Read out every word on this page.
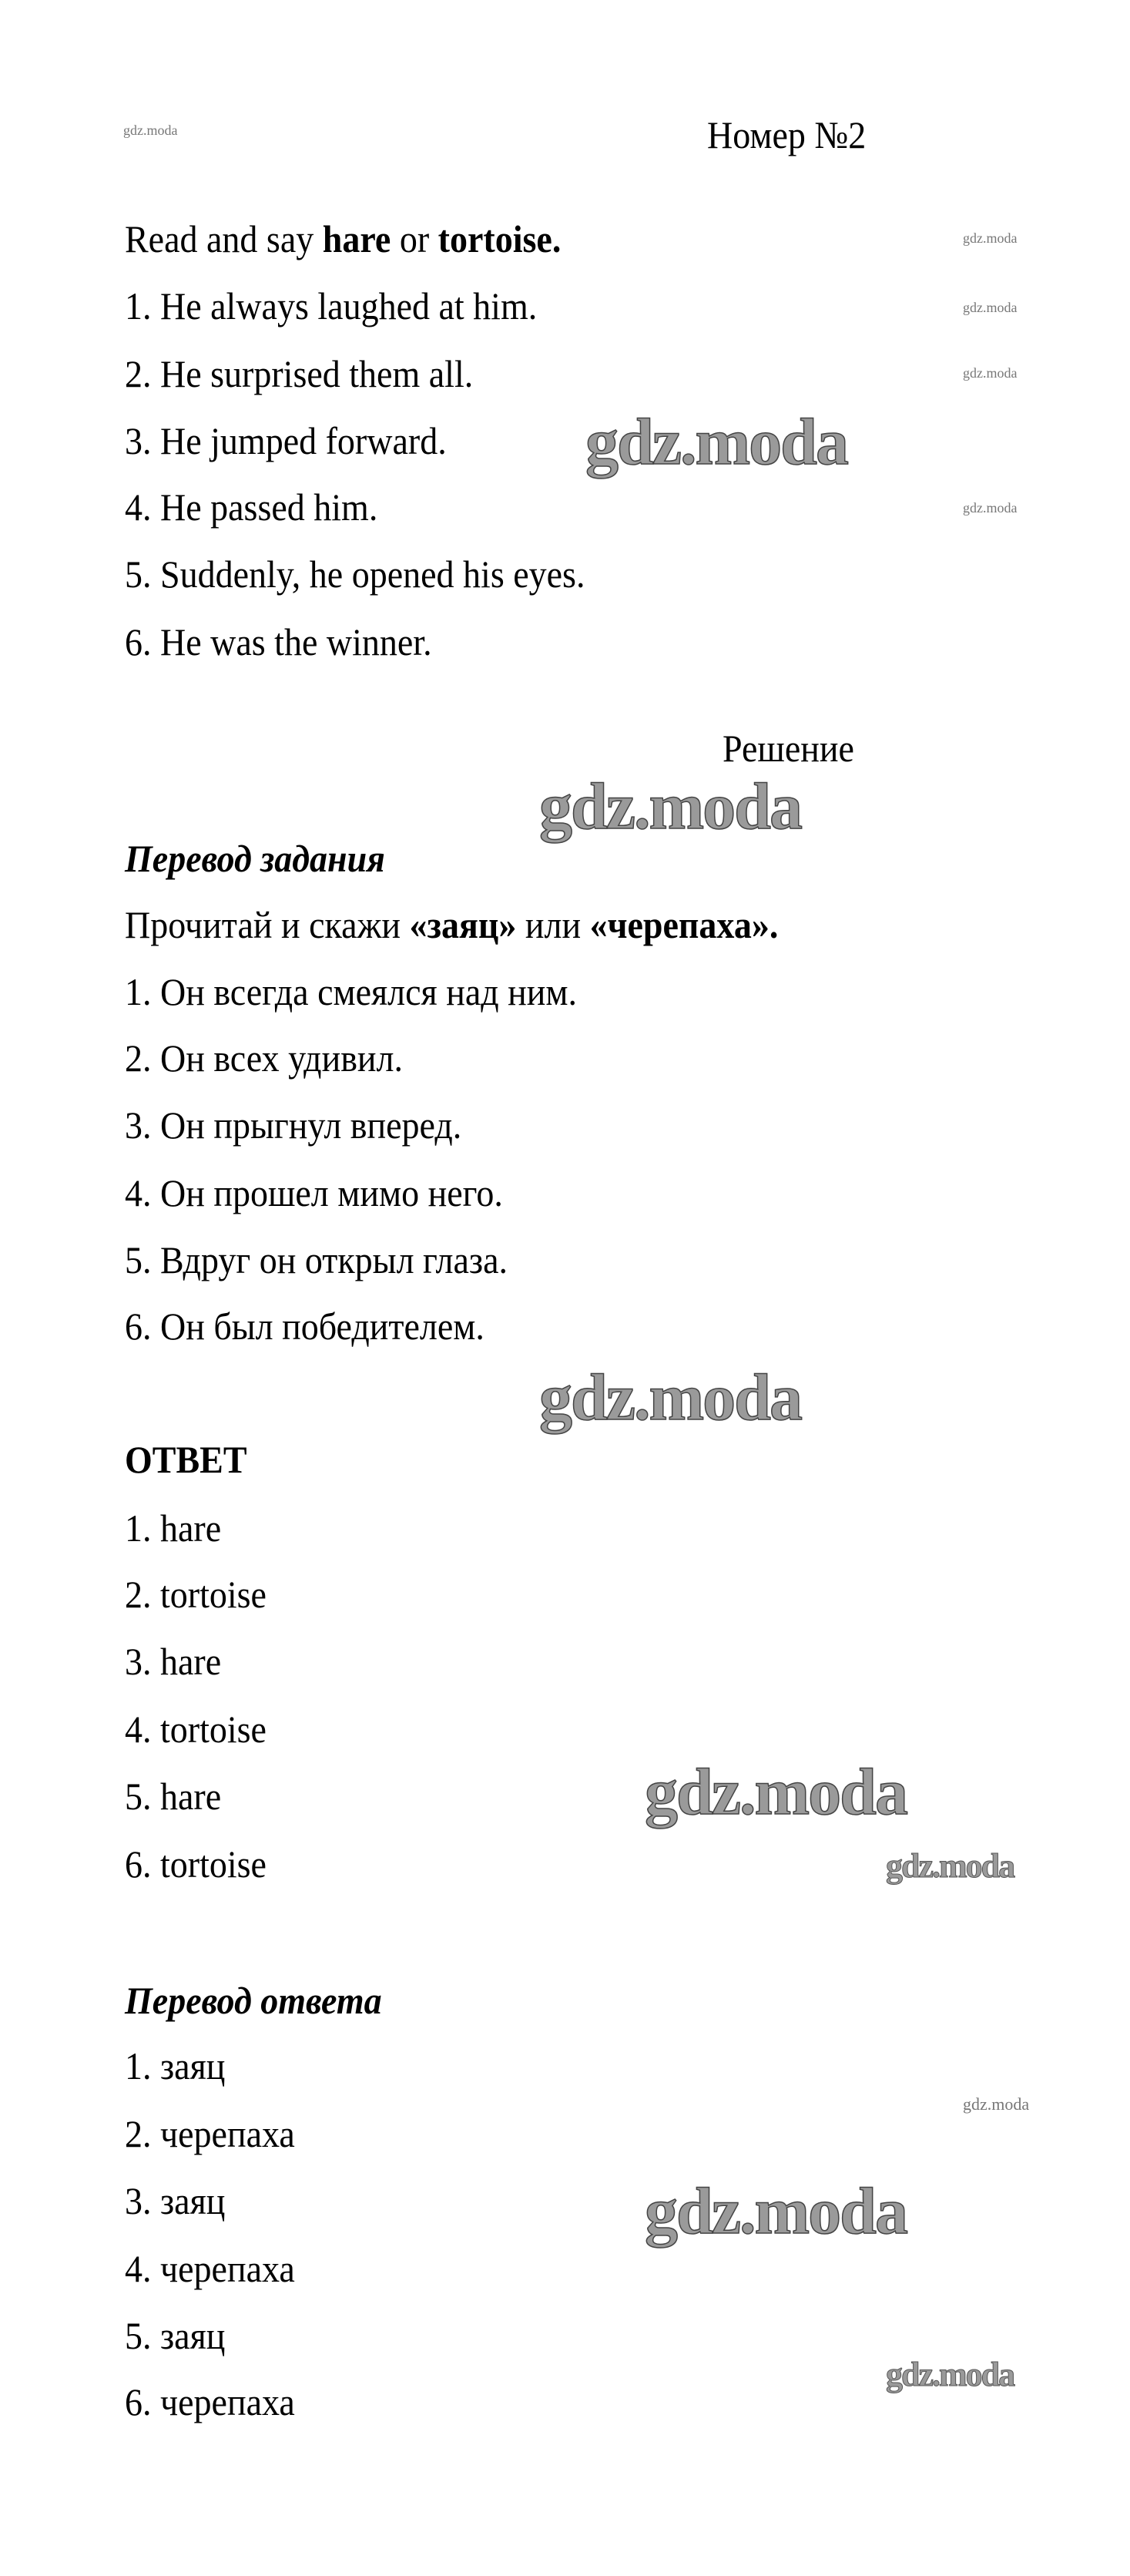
Номер №2
Read and say hare or tortoise.
1. He always laughed at him.
2. He surprised them all.
3. He jumped forward.
4. He passed him.
5. Suddenly, he opened his eyes.
6. He was the winner.
Решение
Перевод задания
Прочитай и скажи «заяц» или «черепаха».
1. Он всегда смеялся над ним.
2. Он всех удивил.
3. Он прыгнул вперед.
4. Он прошел мимо него.
5. Вдруг он открыл глаза.
6. Он был победителем.
ОТВЕТ
1. hare
2. tortoise
3. hare
4. tortoise
5. hare
6. tortoise
Перевод ответа
1. заяц
2. черепаха
3. заяц
4. черепаха
5. заяц
6. черепаха
gdz.moda
gdz.moda
gdz.moda
gdz.moda
gdz.moda
gdz.moda
gdz.moda
gdz.moda
gdz.moda
gdz.moda
gdz.moda
gdz.moda
gdz.moda
